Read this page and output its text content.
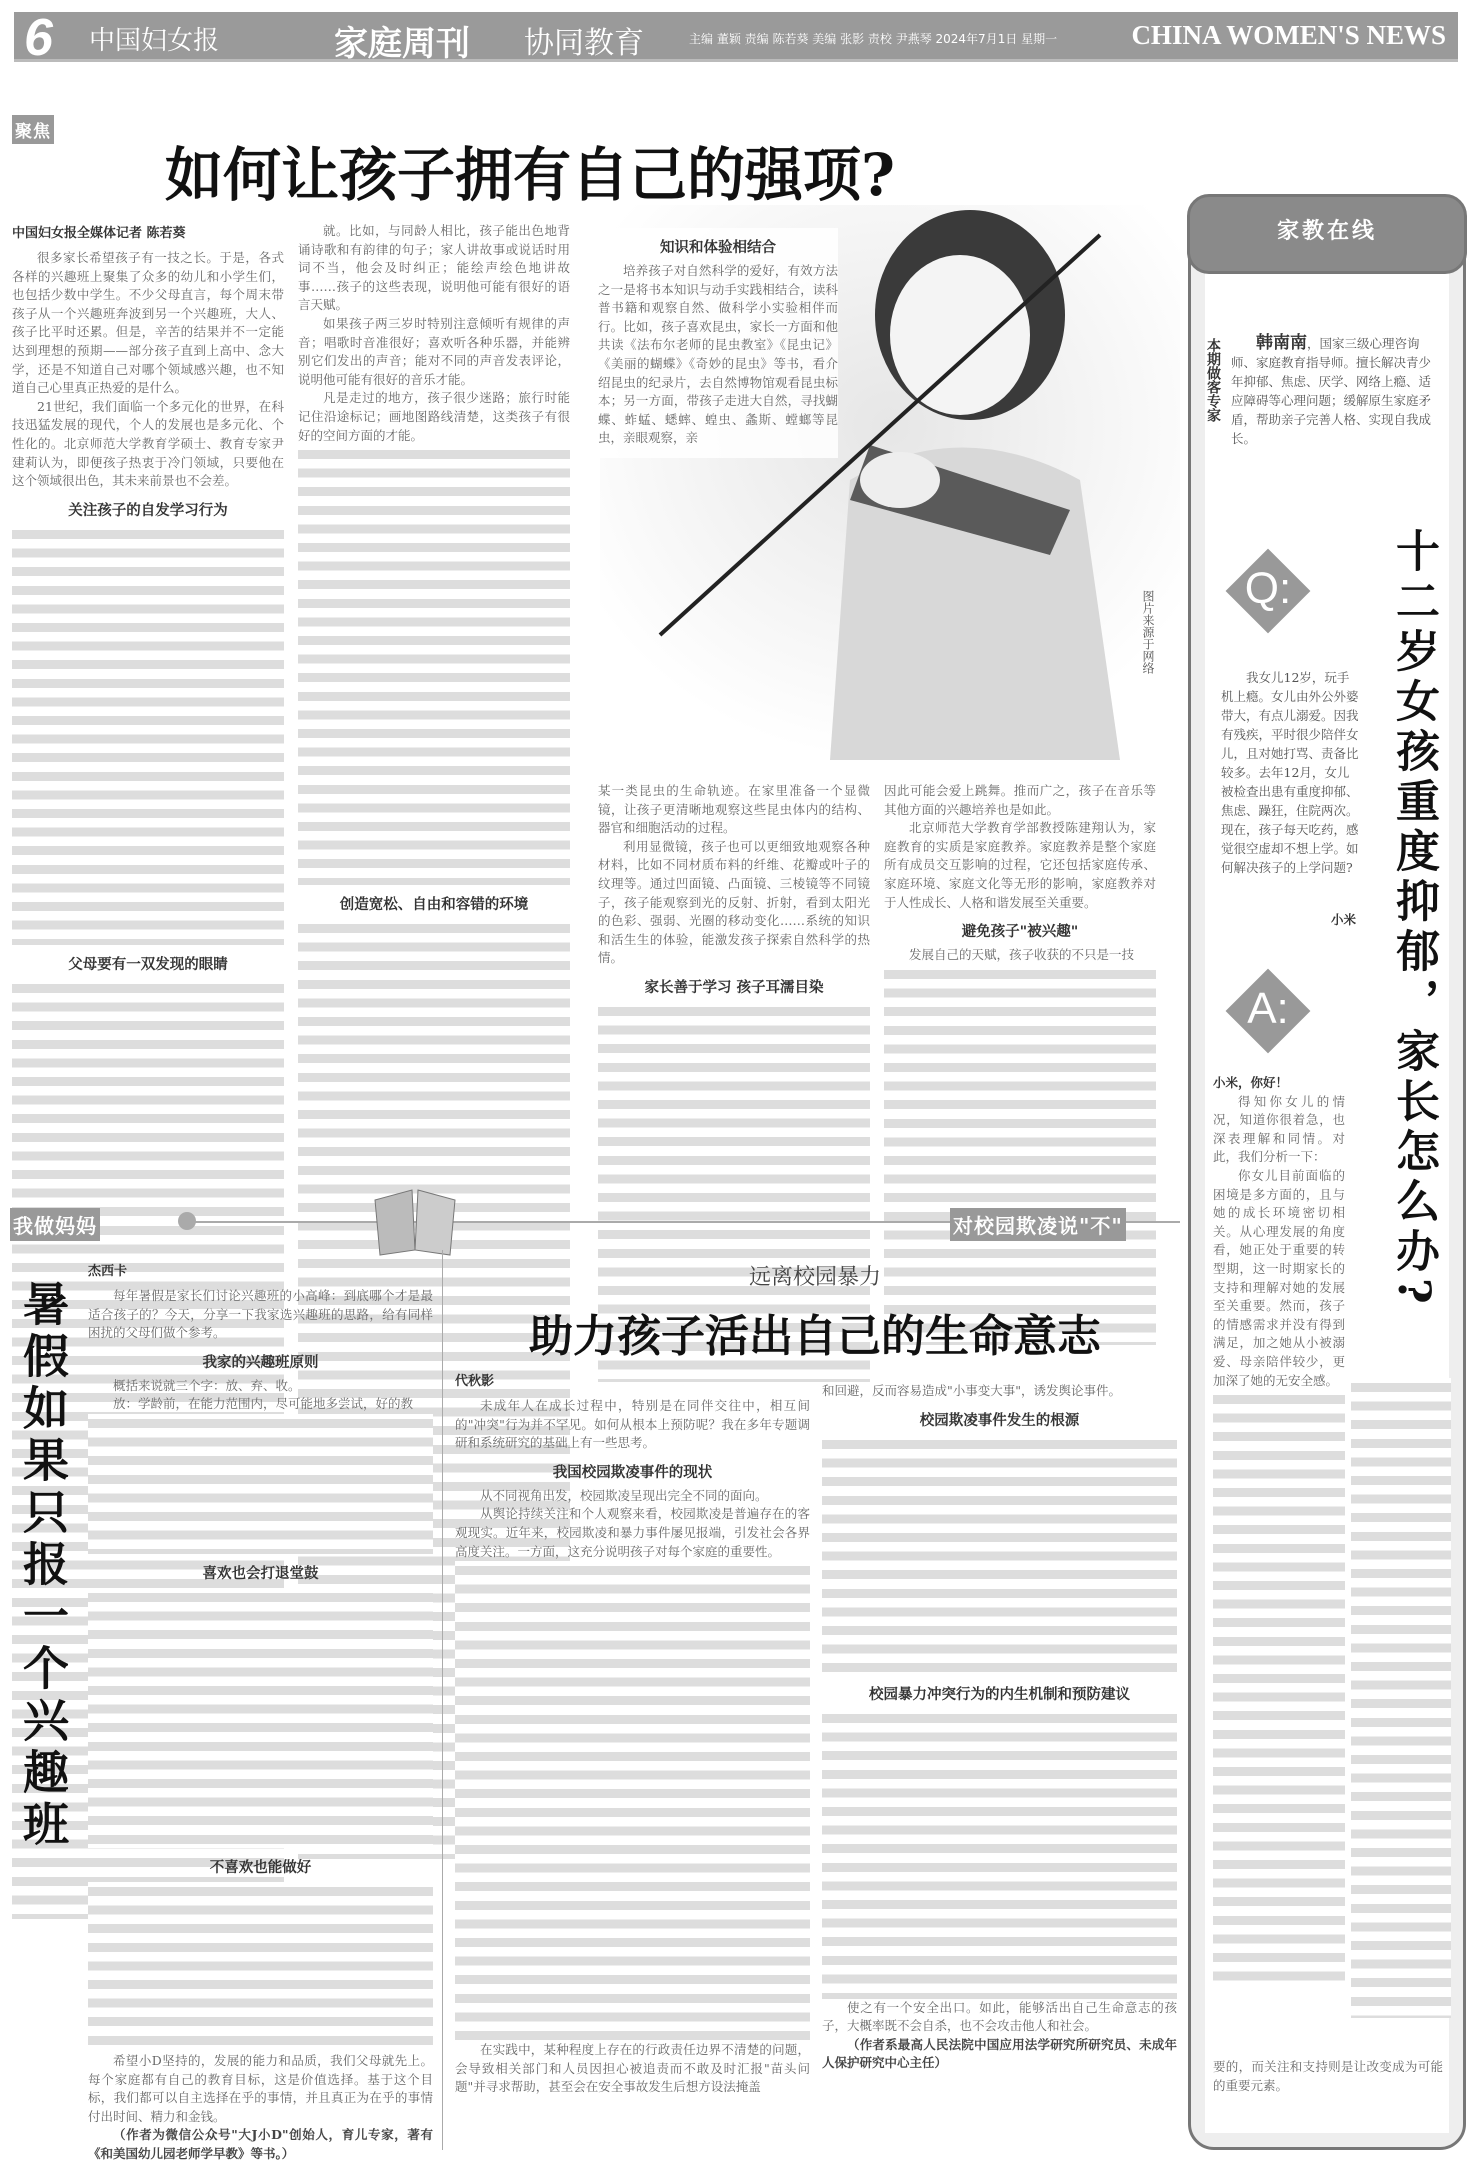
6 中国妇女报	家庭周刊 协同教育	主编 董颖 责编 陈若葵 美编 张影 责校 尹燕琴 2024年7月1日 星期一	CHINA WOMEN'S NEWS
聚焦
如何让孩子拥有自己的强项?
图片来源于网络
中国妇女报全媒体记者 陈若葵

很多家长希望孩子有一技之长。于是，各式各样的兴趣班上聚集了众多的幼儿和小学生们，也包括少数中学生。不少父母直言，每个周末带孩子从一个兴趣班奔波到另一个兴趣班，大人、孩子比平时还累。但是，辛苦的结果并不一定能达到理想的预期——部分孩子直到上高中、念大学，还是不知道自己对哪个领域感兴趣，也不知道自己心里真正热爱的是什么。

21世纪，我们面临一个多元化的世界，在科技迅猛发展的现代，个人的发展也是多元化、个性化的。北京师范大学教育学硕士、教育专家尹建莉认为，即便孩子热衷于冷门领域，只要他在这个领域很出色，其未来前景也不会差。

关注孩子的自发学习行为
父母要有一双发现的眼睛

就。比如，与同龄人相比，孩子能出色地背诵诗歌和有韵律的句子；家人讲故事或说话时用词不当，他会及时纠正；能绘声绘色地讲故事……孩子的这些表现，说明他可能有很好的语言天赋。

如果孩子两三岁时特别注意倾听有规律的声音；唱歌时音准很好；喜欢听各种乐器，并能辨别它们发出的声音；能对不同的声音发表评论，说明他可能有很好的音乐才能。

凡是走过的地方，孩子很少迷路；旅行时能记住沿途标记；画地图路线清楚，这类孩子有很好的空间方面的才能。

创造宽松、自由和容错的环境
知识和体验相结合

培养孩子对自然科学的爱好，有效方法之一是将书本知识与动手实践相结合，读科普书籍和观察自然、做科学小实验相伴而行。比如，孩子喜欢昆虫，家长一方面和他共读《法布尔老师的昆虫教室》《昆虫记》《美丽的蝴蝶》《奇妙的昆虫》等书，看介绍昆虫的纪录片，去自然博物馆观看昆虫标本；另一方面，带孩子走进大自然，寻找蝴蝶、蚱蜢、蟋蟀、蝗虫、螽斯、螳螂等昆虫，亲眼观察，亲

某一类昆虫的生命轨迹。在家里准备一个显微镜，让孩子更清晰地观察这些昆虫体内的结构、器官和细胞活动的过程。

利用显微镜，孩子也可以更细致地观察各种材料，比如不同材质布料的纤维、花瓣或叶子的纹理等。通过凹面镜、凸面镜、三棱镜等不同镜子，孩子能观察到光的反射、折射，看到太阳光的色彩、强弱、光圈的移动变化……系统的知识和活生生的体验，能激发孩子探索自然科学的热情。

家长善于学习 孩子耳濡目染

因此可能会爱上跳舞。推而广之，孩子在音乐等其他方面的兴趣培养也是如此。

北京师范大学教育学部教授陈建翔认为，家庭教育的实质是家庭教养。家庭教养是整个家庭所有成员交互影响的过程，它还包括家庭传承、家庭环境、家庭文化等无形的影响，家庭教养对于人性成长、人格和谐发展至关重要。

避免孩子"被兴趣"

发展自己的天赋，孩子收获的不只是一技

家教在线
本期做客专家	韩南南，国家三级心理咨询师、家庭教育指导师。擅长解决青少年抑郁、焦虑、厌学、网络上瘾、适应障碍等心理问题；缓解原生家庭矛盾，帮助亲子完善人格、实现自我成长。
Q:
我女儿12岁，玩手机上瘾。女儿由外公外婆带大，有点儿溺爱。因我有残疾，平时很少陪伴女儿，且对她打骂、责备比较多。去年12月，女儿被检查出患有重度抑郁、焦虑、躁狂，住院两次。现在，孩子每天吃药，感觉很空虚却不想上学。如何解决孩子的上学问题?
小米 十二岁女孩重度抑郁，家长怎么办?
A:
小米，你好！

得知你女儿的情况，知道你很着急，也深表理解和同情。对此，我们分析一下：

你女儿目前面临的困境是多方面的，且与她的成长环境密切相关。从心理发展的角度看，她正处于重要的转型期，这一时期家长的支持和理解对她的发展至关重要。然而，孩子的情感需求并没有得到满足，加之她从小被溺爱、母亲陪伴较少，更加深了她的无安全感。

要的，而关注和支持则是让改变成为可能的重要元素。
我做妈妈
暑假如果只报一个兴趣班
杰西卡

每年暑假是家长们讨论兴趣班的小高峰：到底哪个才是最适合孩子的？今天，分享一下我家选兴趣班的思路，给有同样困扰的父母们做个参考。

我家的兴趣班原则

概括来说就三个字：放、弃、收。

放：学龄前，在能力范围内，尽可能地多尝试，好的教

喜欢也会打退堂鼓
不喜欢也能做好

希望小D坚持的，发展的能力和品质，我们父母就先上。每个家庭都有自己的教育目标，这是价值选择。基于这个目标，我们都可以自主选择在乎的事情，并且真正为在乎的事情付出时间、精力和金钱。

（作者为微信公众号"大J小D"创始人，育儿专家，著有《和美国幼儿园老师学早教》等书。）

对校园欺凌说"不"
远离校园暴力
助力孩子活出自己的生命意志
代秋影

未成年人在成长过程中，特别是在同伴交往中，相互间的"冲突"行为并不罕见。如何从根本上预防呢？我在多年专题调研和系统研究的基础上有一些思考。

我国校园欺凌事件的现状

从不同视角出发，校园欺凌呈现出完全不同的面向。

从舆论持续关注和个人观察来看，校园欺凌是普遍存在的客观现实。近年来，校园欺凌和暴力事件屡见报端，引发社会各界高度关注。一方面，这充分说明孩子对每个家庭的重要性。

在实践中，某种程度上存在的行政责任边界不清楚的问题，会导致相关部门和人员因担心被追责而不敢及时汇报"苗头问题"并寻求帮助，甚至会在安全事故发生后想方设法掩盖

和回避，反而容易造成"小事变大事"，诱发舆论事件。

校园欺凌事件发生的根源
校园暴力冲突行为的内生机制和预防建议

使之有一个安全出口。如此，能够活出自己生命意志的孩子，大概率既不会自杀，也不会攻击他人和社会。

（作者系最高人民法院中国应用法学研究所研究员、未成年人保护研究中心主任）
